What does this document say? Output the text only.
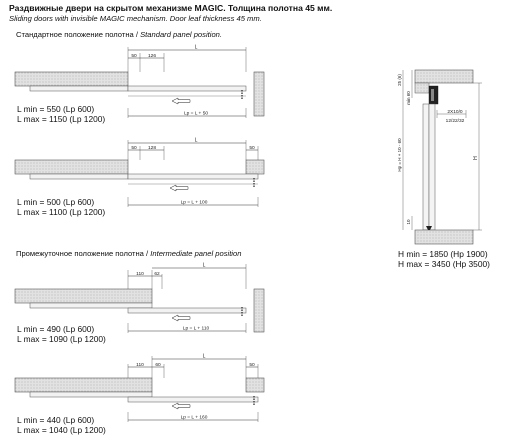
Раздвижные двери на скрытом механизме MAGIC. Толщина полотна 45 мм.
Sliding doors with invisible MAGIC mechanism. Door leaf thickness 45 mm.
Стандартное положение полотна / Standard panel position.
Промежуточное положение полотна / Intermediate panel position
L min = 550 (Lp 600)
L max = 1150 (Lp 1200)
L min = 500 (Lp 600)
L max = 1100 (Lp 1200)
L min = 490 (Lp 600)
L max = 1090 (Lp 1200)
L min = 440 (Lp 600)
L max = 1040 (Lp 1200)
H min = 1850 (Hp 1900)
H max = 3450 (Hp 3500)
L
50 126
Lp = L + 50
L
50 128	50
Lp = L + 100
L
110 62
Lp = L + 110
L
110 60	50
Lp = L + 160
25 (6)
min 60
2X10/0
12/22/32
Hp = H + 10 - 60	H
10
